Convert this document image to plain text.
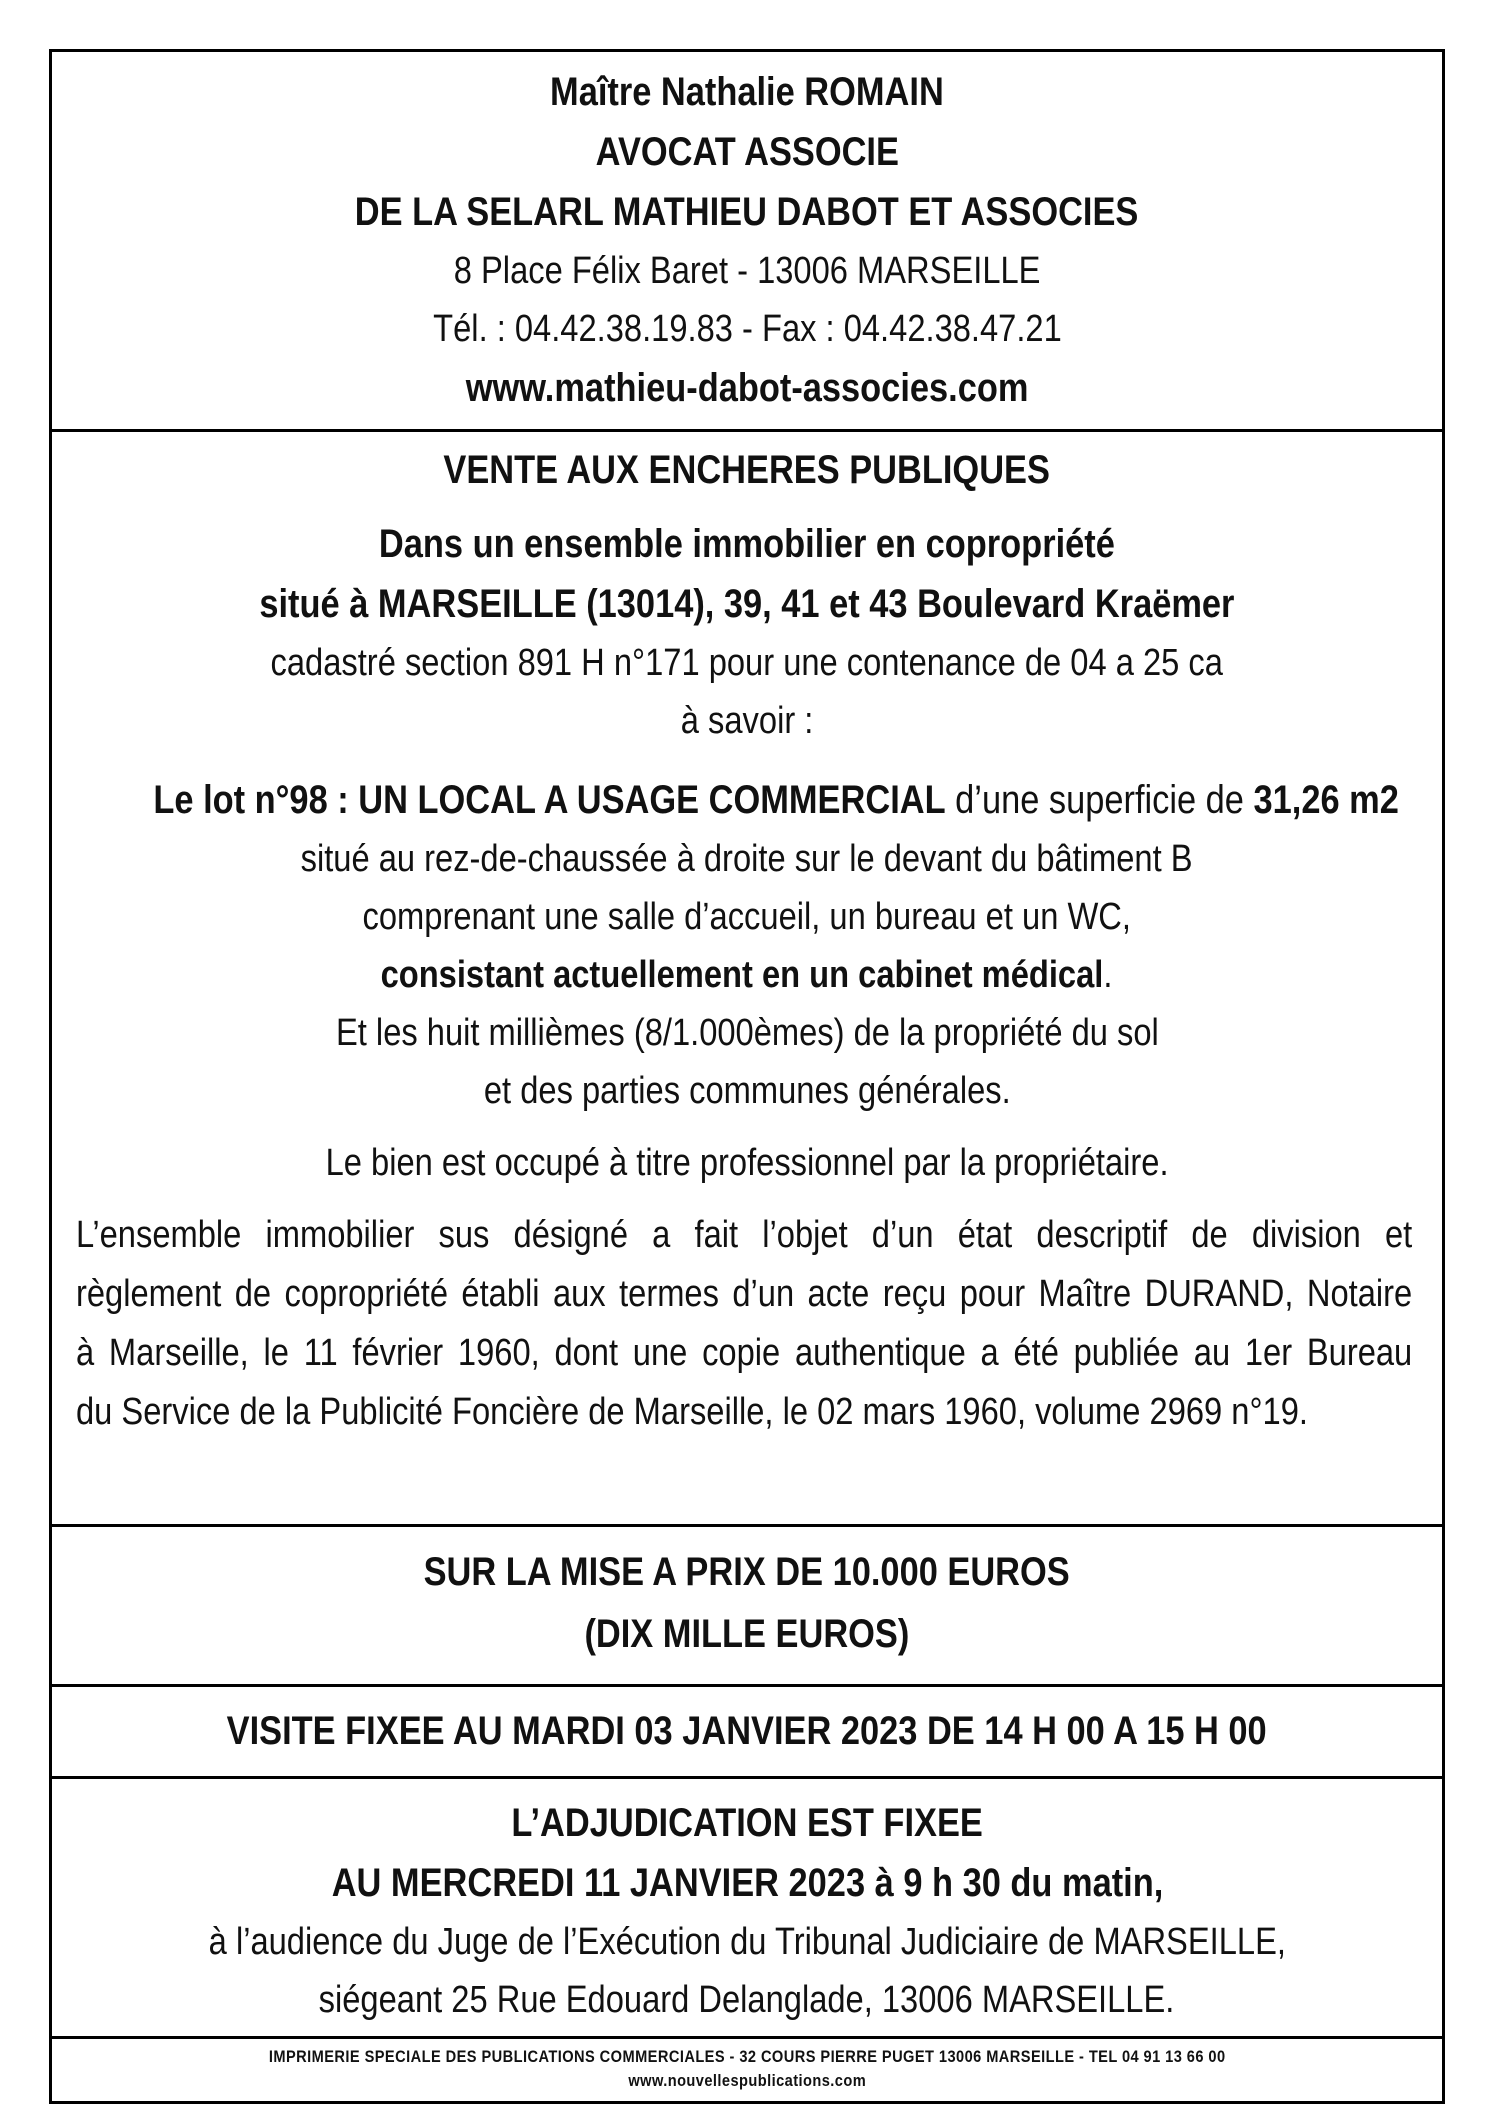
Maître Nathalie ROMAIN
AVOCAT ASSOCIE
DE LA SELARL MATHIEU DABOT ET ASSOCIES
8 Place Félix Baret - 13006 MARSEILLE
Tél. : 04.42.38.19.83 - Fax : 04.42.38.47.21
www.mathieu-dabot-associes.com
VENTE AUX ENCHERES PUBLIQUES
Dans un ensemble immobilier en copropriété
situé à MARSEILLE (13014), 39, 41 et 43 Boulevard Kraëmer
cadastré section 891 H n°171 pour une contenance de 04 a 25 ca
à savoir :
Le lot n°98 : UN LOCAL A USAGE COMMERCIAL d’une superficie de 31,26 m2
situé au rez-de-chaussée à droite sur le devant du bâtiment B
comprenant une salle d’accueil, un bureau et un WC,
consistant actuellement en un cabinet médical.
Et les huit millièmes (8/1.000èmes) de la propriété du sol
et des parties communes générales.
Le bien est occupé à titre professionnel par la propriétaire.
L’ensemble immobilier sus désigné a fait l’objet d’un état descriptif de division et
règlement de copropriété établi aux termes d’un acte reçu pour Maître DURAND, Notaire
à Marseille, le 11 février 1960, dont une copie authentique a été publiée au 1er Bureau
du Service de la Publicité Foncière de Marseille, le 02 mars 1960, volume 2969 n°19.
SUR LA MISE A PRIX DE 10.000 EUROS
(DIX MILLE EUROS)
VISITE FIXEE AU MARDI 03 JANVIER 2023 DE 14 H 00 A 15 H 00
L’ADJUDICATION EST FIXEE
AU MERCREDI 11 JANVIER 2023 à 9 h 30 du matin,
à l’audience du Juge de l’Exécution du Tribunal Judiciaire de MARSEILLE,
siégeant 25 Rue Edouard Delanglade, 13006 MARSEILLE.
IMPRIMERIE SPECIALE DES PUBLICATIONS COMMERCIALES - 32 COURS PIERRE PUGET 13006 MARSEILLE - TEL 04 91 13 66 00
www.nouvellespublications.com
